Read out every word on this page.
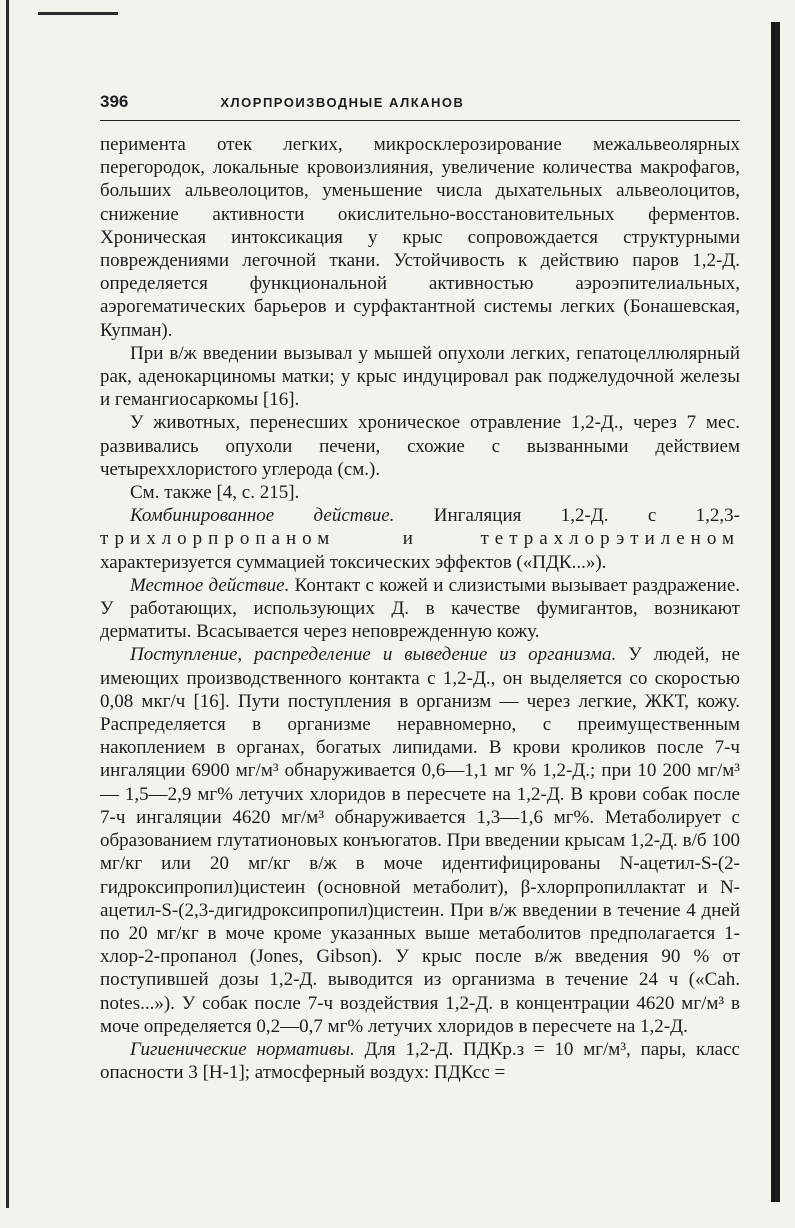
396	ХЛОРПРОИЗВОДНЫЕ АЛКАНОВ

перимента отек легких, микросклерозирование межальвеолярных перегородок, локальные кровоизлияния, увеличение количества макрофагов, больших альвеолоцитов, уменьшение числа дыхательных альвеолоцитов, снижение активности окислительно-восстановительных ферментов. Хроническая интоксикация у крыс сопровождается структурными повреждениями легочной ткани. Устойчивость к действию паров 1,2-Д. определяется функциональной активностью аэроэпителиальных, аэрогематических барьеров и сурфактантной системы легких (Бонашевская, Купман).

При в/ж введении вызывал у мышей опухоли легких, гепатоцеллюлярный рак, аденокарциномы матки; у крыс индуцировал рак поджелудочной железы и гемангиосаркомы [16].

У животных, перенесших хроническое отравление 1,2-Д., через 7 мес. развивались опухоли печени, схожие с вызванными действием четыреххлористого углерода (см.).

См. также [4, с. 215].

Комбинированное действие. Ингаляция 1,2-Д. с 1,2,3-трихлорпропаном и тетрахлорэтиленом характеризуется суммацией токсических эффектов («ПДК...»).

Местное действие. Контакт с кожей и слизистыми вызывает раздражение. У работающих, использующих Д. в качестве фумигантов, возникают дерматиты. Всасывается через неповрежденную кожу.

Поступление, распределение и выведение из организма. У людей, не имеющих производственного контакта с 1,2-Д., он выделяется со скоростью 0,08 мкг/ч [16]. Пути поступления в организм — через легкие, ЖКТ, кожу. Распределяется в организме неравномерно, с преимущественным накоплением в органах, богатых липидами. В крови кроликов после 7-ч ингаляции 6900 мг/м³ обнаруживается 0,6—1,1 мг % 1,2-Д.; при 10 200 мг/м³ — 1,5—2,9 мг% летучих хлоридов в пересчете на 1,2-Д. В крови собак после 7-ч ингаляции 4620 мг/м³ обнаруживается 1,3—1,6 мг%. Метаболирует с образованием глутатионовых конъюгатов. При введении крысам 1,2-Д. в/б 100 мг/кг или 20 мг/кг в/ж в моче идентифицированы N-ацетил-S-(2-гидроксипропил)цистеин (основной метаболит), β-хлорпропиллактат и N-ацетил-S-(2,3-дигидроксипропил)цистеин. При в/ж введении в течение 4 дней по 20 мг/кг в моче кроме указанных выше метаболитов предполагается 1-хлор-2-пропанол (Jones, Gibson). У крыс после в/ж введения 90 % от поступившей дозы 1,2-Д. выводится из организма в течение 24 ч («Cah. notes...»). У собак после 7-ч воздействия 1,2-Д. в концентрации 4620 мг/м³ в моче определяется 0,2—0,7 мг% летучих хлоридов в пересчете на 1,2-Д.

Гигиенические нормативы. Для 1,2-Д. ПДКр.з = 10 мг/м³, пары, класс опасности 3 [Н-1]; атмосферный воздух: ПДКсс =
